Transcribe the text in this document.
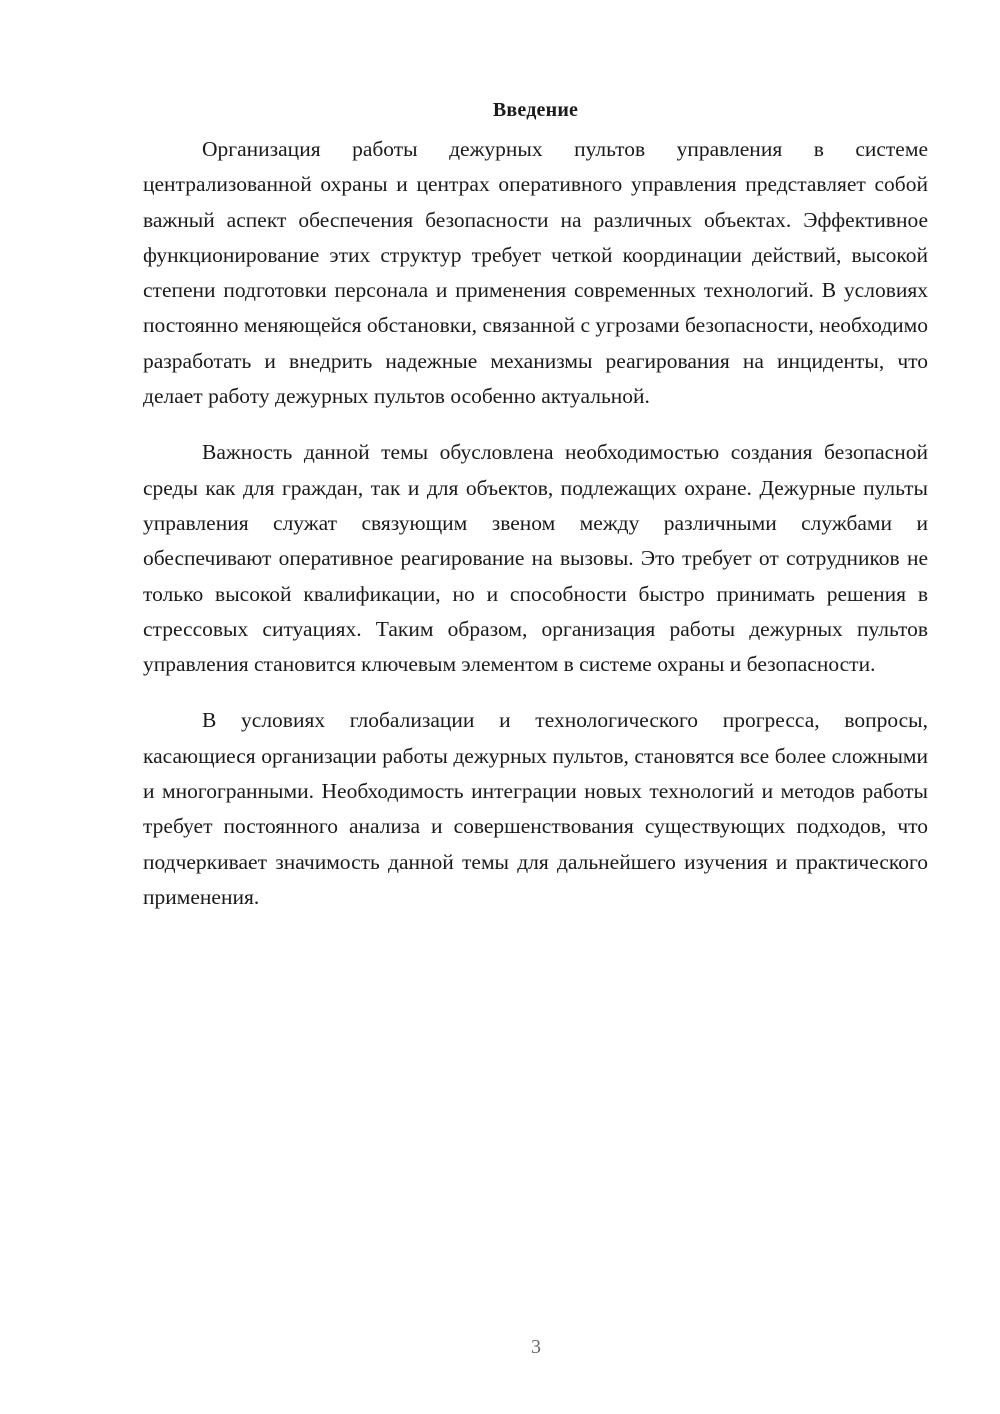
Введение

Организация работы дежурных пультов управления в системе централизованной охраны и центрах оперативного управления представляет собой важный аспект обеспечения безопасности на различных объектах. Эффективное функционирование этих структур требует четкой координации действий, высокой степени подготовки персонала и применения современных технологий. В условиях постоянно меняющейся обстановки, связанной с угрозами безопасности, необходимо разработать и внедрить надежные механизмы реагирования на инциденты, что делает работу дежурных пультов особенно актуальной.

Важность данной темы обусловлена необходимостью создания безопасной среды как для граждан, так и для объектов, подлежащих охране. Дежурные пульты управления служат связующим звеном между различными службами и обеспечивают оперативное реагирование на вызовы. Это требует от сотрудников не только высокой квалификации, но и способности быстро принимать решения в стрессовых ситуациях. Таким образом, организация работы дежурных пультов управления становится ключевым элементом в системе охраны и безопасности.

В условиях глобализации и технологического прогресса, вопросы, касающиеся организации работы дежурных пультов, становятся все более сложными и многогранными. Необходимость интеграции новых технологий и методов работы требует постоянного анализа и совершенствования существующих подходов, что подчеркивает значимость данной темы для дальнейшего изучения и практического применения.

3
